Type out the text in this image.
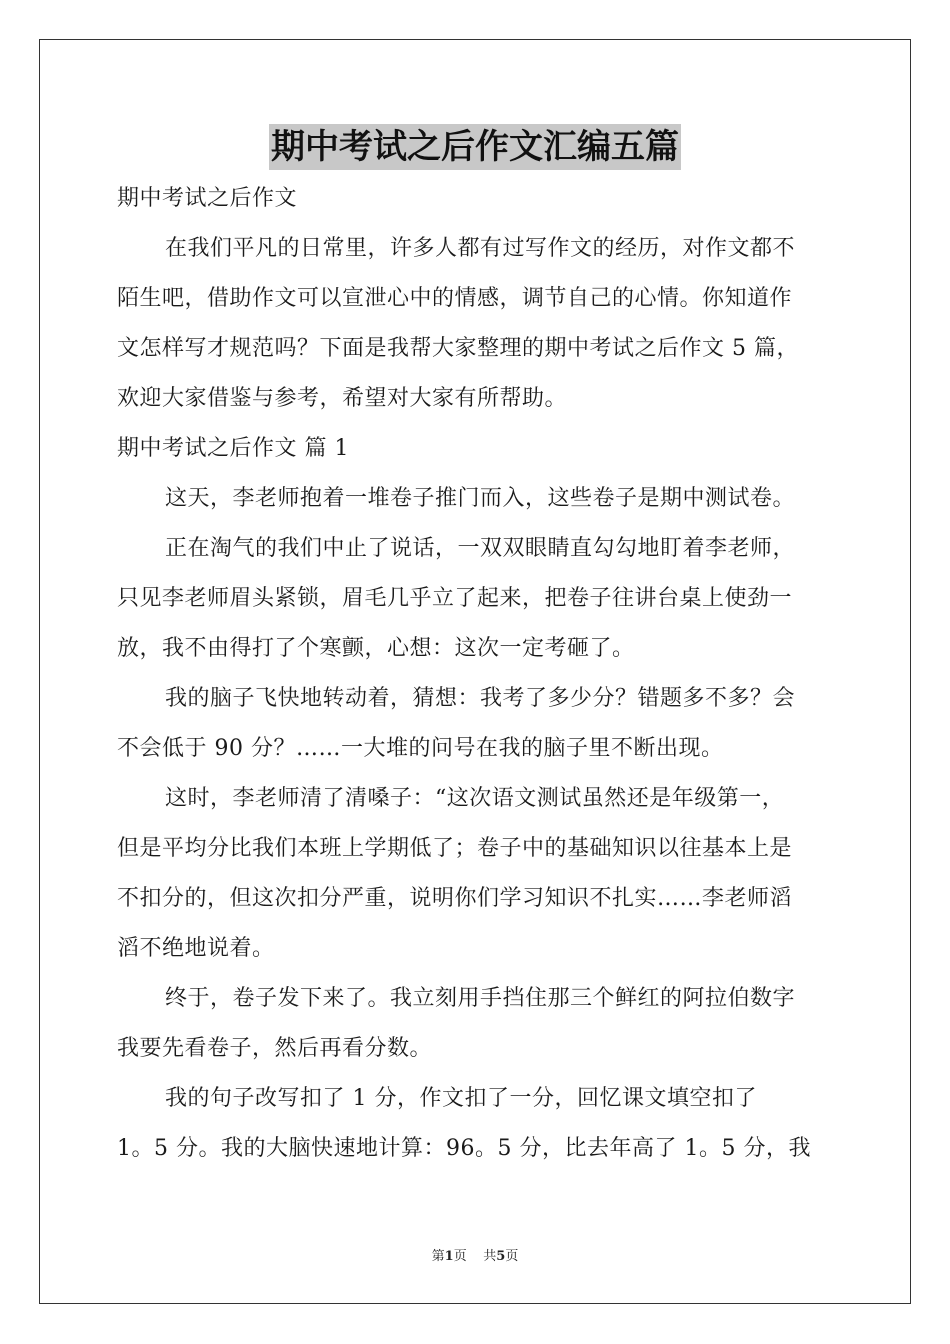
期中考试之后作文汇编五篇
期中考试之后作文
在我们平凡的日常里，许多人都有过写作文的经历，对作文都不
陌生吧，借助作文可以宣泄心中的情感，调节自己的心情。你知道作
文怎样写才规范吗？下面是我帮大家整理的期中考试之后作文 5 篇，
欢迎大家借鉴与参考，希望对大家有所帮助。
期中考试之后作文 篇 1
这天，李老师抱着一堆卷子推门而入，这些卷子是期中测试卷。
正在淘气的我们中止了说话，一双双眼睛直勾勾地盯着李老师，
只见李老师眉头紧锁，眉毛几乎立了起来，把卷子往讲台桌上使劲一
放，我不由得打了个寒颤，心想：这次一定考砸了。
我的脑子飞快地转动着，猜想：我考了多少分？错题多不多？会
不会低于 90 分？……一大堆的问号在我的脑子里不断出现。
这时，李老师清了清嗓子：“这次语文测试虽然还是年级第一，
但是平均分比我们本班上学期低了；卷子中的基础知识以往基本上是
不扣分的，但这次扣分严重，说明你们学习知识不扎实……李老师滔
滔不绝地说着。
终于，卷子发下来了。我立刻用手挡住那三个鲜红的阿拉伯数字
我要先看卷子，然后再看分数。
我的句子改写扣了 1 分，作文扣了一分，回忆课文填空扣了
1。5 分。我的大脑快速地计算：96。5 分，比去年高了 1。5 分，我
第1页 共5页
